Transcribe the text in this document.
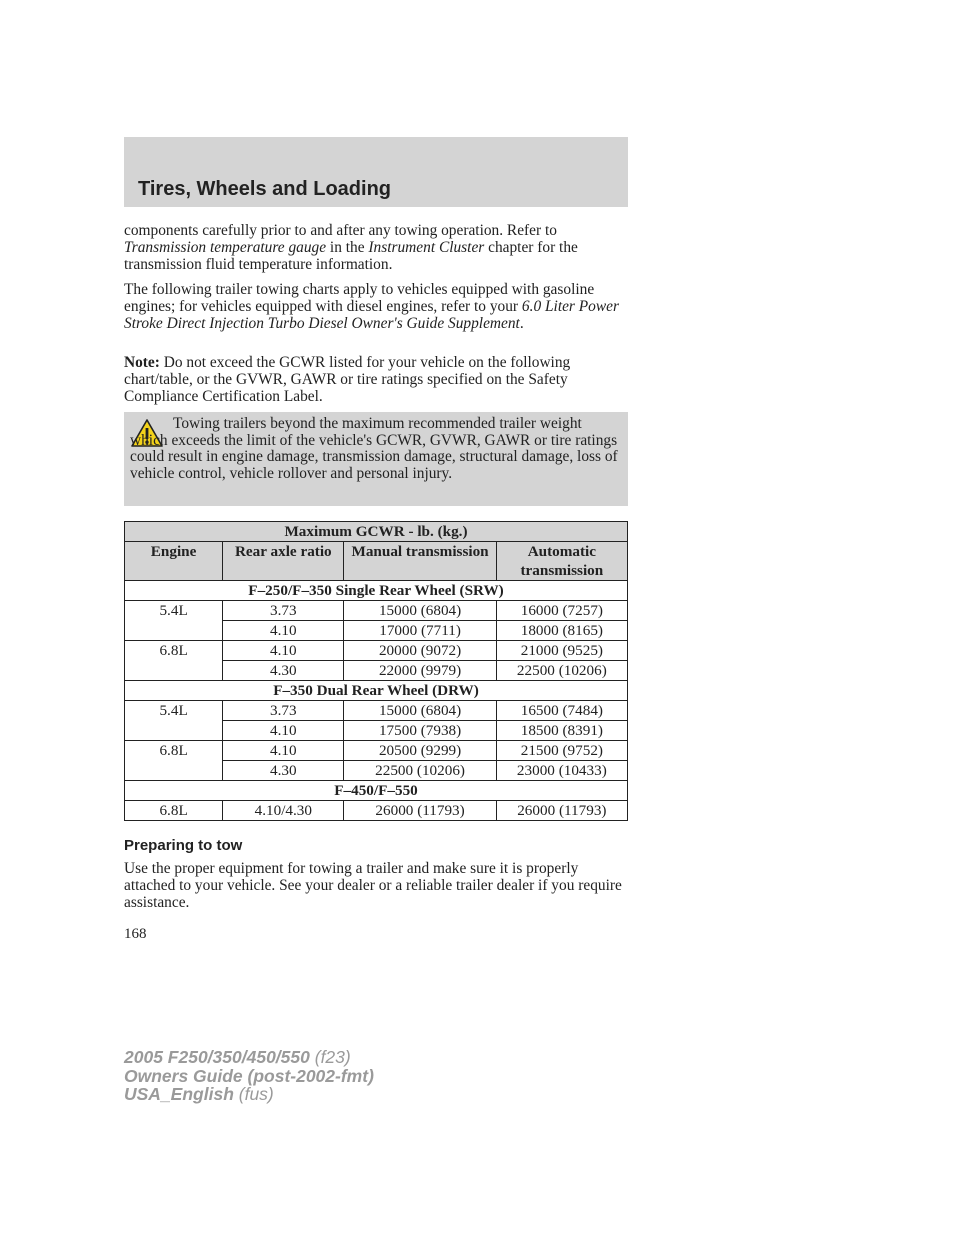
Tires, Wheels and Loading
components carefully prior to and after any towing operation. Refer to
Transmission temperature gauge in the Instrument Cluster chapter for the transmission fluid temperature information.
The following trailer towing charts apply to vehicles equipped with gasoline engines; for vehicles equipped with diesel engines, refer to your 6.0 Liter Power Stroke Direct Injection Turbo Diesel Owner's Guide Supplement.
Note: Do not exceed the GCWR listed for your vehicle on the following chart/table, or the GVWR, GAWR or tire ratings specified on the Safety Compliance Certification Label.
Towing trailers beyond the maximum recommended trailer weight which exceeds the limit of the vehicle's GCWR, GVWR, GAWR or tire ratings could result in engine damage, transmission damage, structural damage, loss of vehicle control, vehicle rollover and personal injury.
Maximum GCWR - lb. (kg.)			
Engine	Rear axle ratio	Manual transmission	Automatic transmission
F–250/F–350 Single Rear Wheel (SRW)			
5.4L	3.73	15000 (6804)	16000 (7257)
	4.10	17000 (7711)	18000 (8165)
6.8L	4.10	20000 (9072)	21000 (9525)
	4.30	22000 (9979)	22500 (10206)
F–350 Dual Rear Wheel (DRW)			
5.4L	3.73	15000 (6804)	16500 (7484)
	4.10	17500 (7938)	18500 (8391)
6.8L	4.10	20500 (9299)	21500 (9752)
	4.30	22500 (10206)	23000 (10433)
F–450/F–550			
6.8L	4.10/4.30	26000 (11793)	26000 (11793)
Preparing to tow
Use the proper equipment for towing a trailer and make sure it is properly attached to your vehicle. See your dealer or a reliable trailer dealer if you require assistance.
168
2005 F250/350/450/550 (f23)
Owners Guide (post-2002-fmt)
USA_English (fus)
